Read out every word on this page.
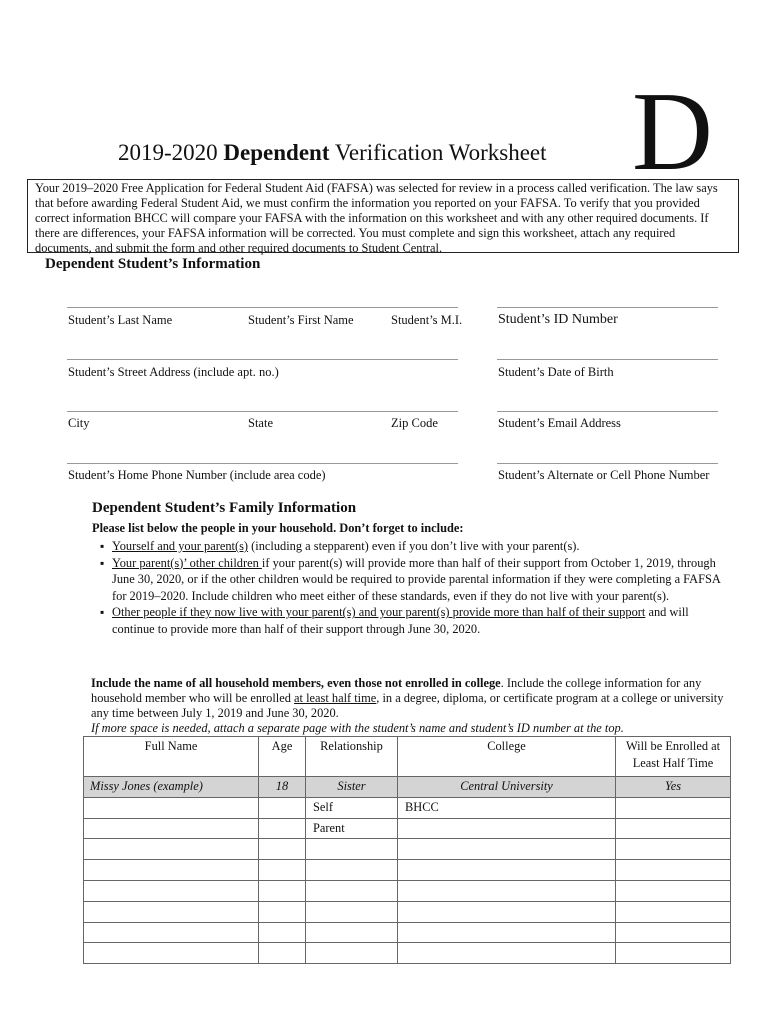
2019-2020 Dependent Verification Worksheet D
Your 2019–2020 Free Application for Federal Student Aid (FAFSA) was selected for review in a process called verification. The law says that before awarding Federal Student Aid, we must confirm the information you reported on your FAFSA. To verify that you provided correct information BHCC will compare your FAFSA with the information on this worksheet and with any other required documents. If there are differences, your FAFSA information will be corrected. You must complete and sign this worksheet, attach any required documents, and submit the form and other required documents to Student Central.
Dependent Student’s Information
Student’s Last Name	Student’s First Name	Student’s M.I.	Student’s ID Number
Student’s Street Address (include apt. no.)	Student’s Date of Birth
City	State	Zip Code	Student’s Email Address
Student’s Home Phone Number (include area code)	Student’s Alternate or Cell Phone Number
Dependent Student’s Family Information
Please list below the people in your household. Don’t forget to include:
▪ Yourself and your parent(s) (including a stepparent) even if you don’t live with your parent(s).
▪ Your parent(s)’ other children if your parent(s) will provide more than half of their support from October 1, 2019, through June 30, 2020, or if the other children would be required to provide parental information if they were completing a FAFSA for 2019–2020. Include children who meet either of these standards, even if they do not live with your parent(s).
▪ Other people if they now live with your parent(s) and your parent(s) provide more than half of their support and will continue to provide more than half of their support through June 30, 2020.
Include the name of all household members, even those not enrolled in college. Include the college information for any household member who will be enrolled at least half time, in a degree, diploma, or certificate program at a college or university any time between July 1, 2019 and June 30, 2020.
If more space is needed, attach a separate page with the student’s name and student’s ID number at the top.
Full Name	Age	Relationship	College	Will be Enrolled at Least Half Time
Missy Jones (example)	18	Sister	Central University	Yes
		Self	BHCC	
		Parent		
